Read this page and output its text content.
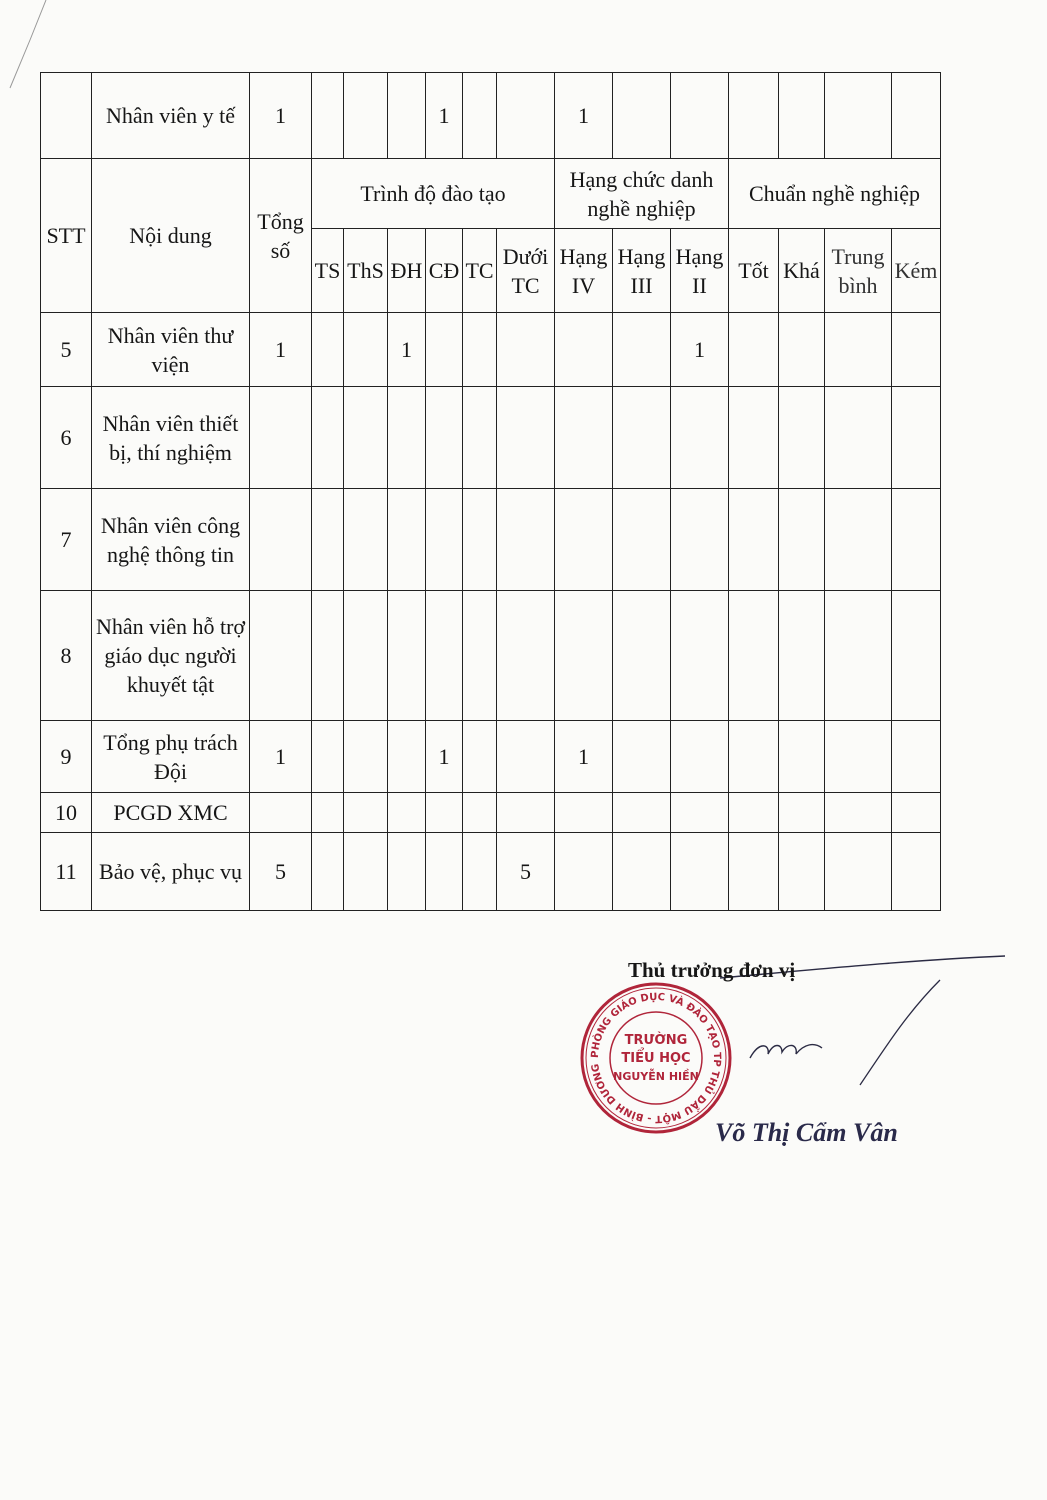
	Nhân viên y tế	1				1			1						
STT	Nội dung	Tổng số	Trình độ đào tạo						Hạng chức danh nghề nghiệp			Chuẩn nghề nghiệp			
			TS	ThS	ĐH	CĐ	TC	Dưới TC	Hạng IV	Hạng III	Hạng II	Tốt	Khá	Trung bình	Kém
5	Nhân viên thư viện	1			1						1				
6	Nhân viên thiết bị, thí nghiệm														
7	Nhân viên công nghệ thông tin														
8	Nhân viên hỗ trợ giáo dục người khuyết tật														
9	Tổng phụ trách Đội	1				1			1						
10	PCGD XMC														
11	Bảo vệ, phục vụ	5						5							
Thủ trưởng đơn vị
PHÒNG GIÁO DỤC VÀ ĐÀO TẠO TP THỦ DẦU MỘT - BÌNH DƯƠNG
TRƯỜNG
TIỂU HỌC
NGUYỄN HIỀN
Võ Thị Cẩm Vân
